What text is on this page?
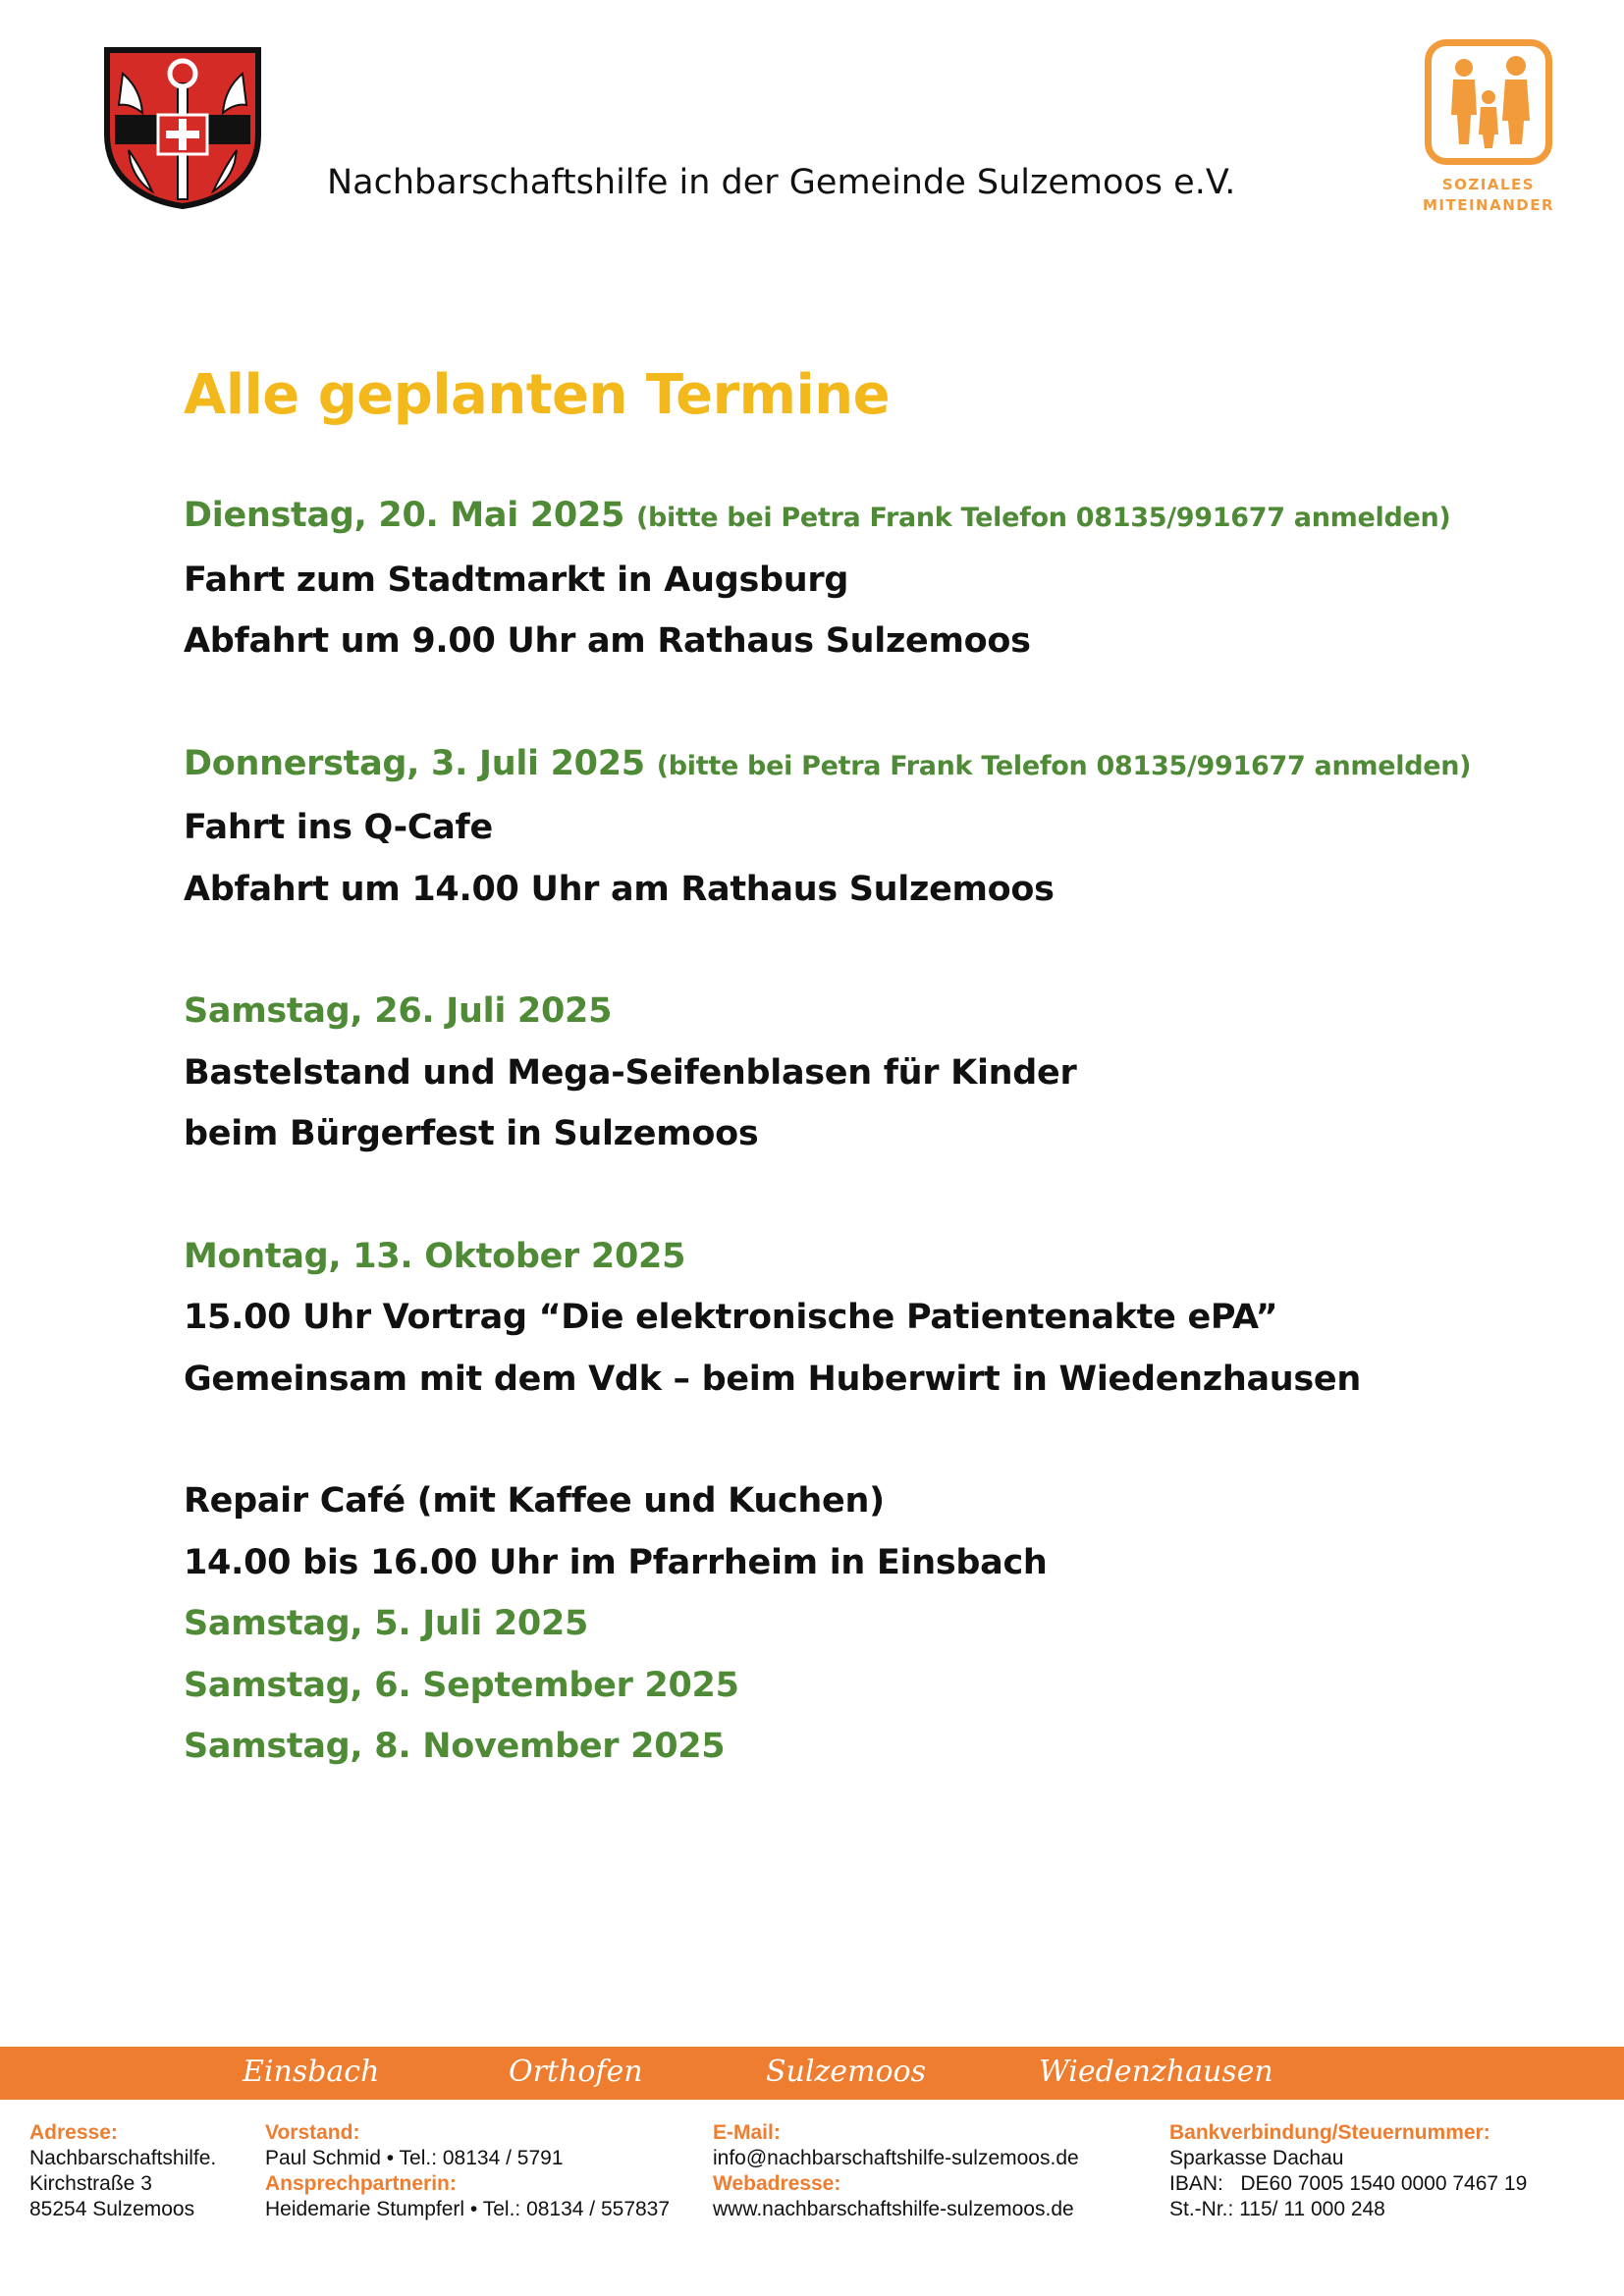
Nachbarschaftshilfe in der Gemeinde Sulzemoos e.V.	SOZIALES
MITEINANDER
Alle geplanten Termine
Dienstag, 20. Mai 2025 (bitte bei Petra Frank Telefon 08135/991677 anmelden)
Fahrt zum Stadtmarkt in Augsburg
Abfahrt um 9.00 Uhr am Rathaus Sulzemoos
Donnerstag, 3. Juli 2025 (bitte bei Petra Frank Telefon 08135/991677 anmelden)
Fahrt ins Q-Cafe
Abfahrt um 14.00 Uhr am Rathaus Sulzemoos
Samstag, 26. Juli 2025
Bastelstand und Mega-Seifenblasen für Kinder
beim Bürgerfest in Sulzemoos
Montag, 13. Oktober 2025
15.00 Uhr Vortrag “Die elektronische Patientenakte ePA”
Gemeinsam mit dem Vdk – beim Huberwirt in Wiedenzhausen
Repair Café (mit Kaffee und Kuchen)
14.00 bis 16.00 Uhr im Pfarrheim in Einsbach
Samstag, 5. Juli 2025
Samstag, 6. September 2025
Samstag, 8. November 2025
Einsbach	Orthofen	Sulzemoos	Wiedenzhausen
Adresse:
Nachbarschaftshilfe.
Kirchstraße 3
85254 Sulzemoos
Vorstand:
Paul Schmid • Tel.: 08134 / 5791
Ansprechpartnerin:
Heidemarie Stumpferl • Tel.: 08134 / 557837
E-Mail:
info@nachbarschaftshilfe-sulzemoos.de
Webadresse:
www.nachbarschaftshilfe-sulzemoos.de
Bankverbindung/Steuernummer:
Sparkasse Dachau
IBAN:   DE60 7005 1540 0000 7467 19
St.-Nr.: 115/ 11 000 248
